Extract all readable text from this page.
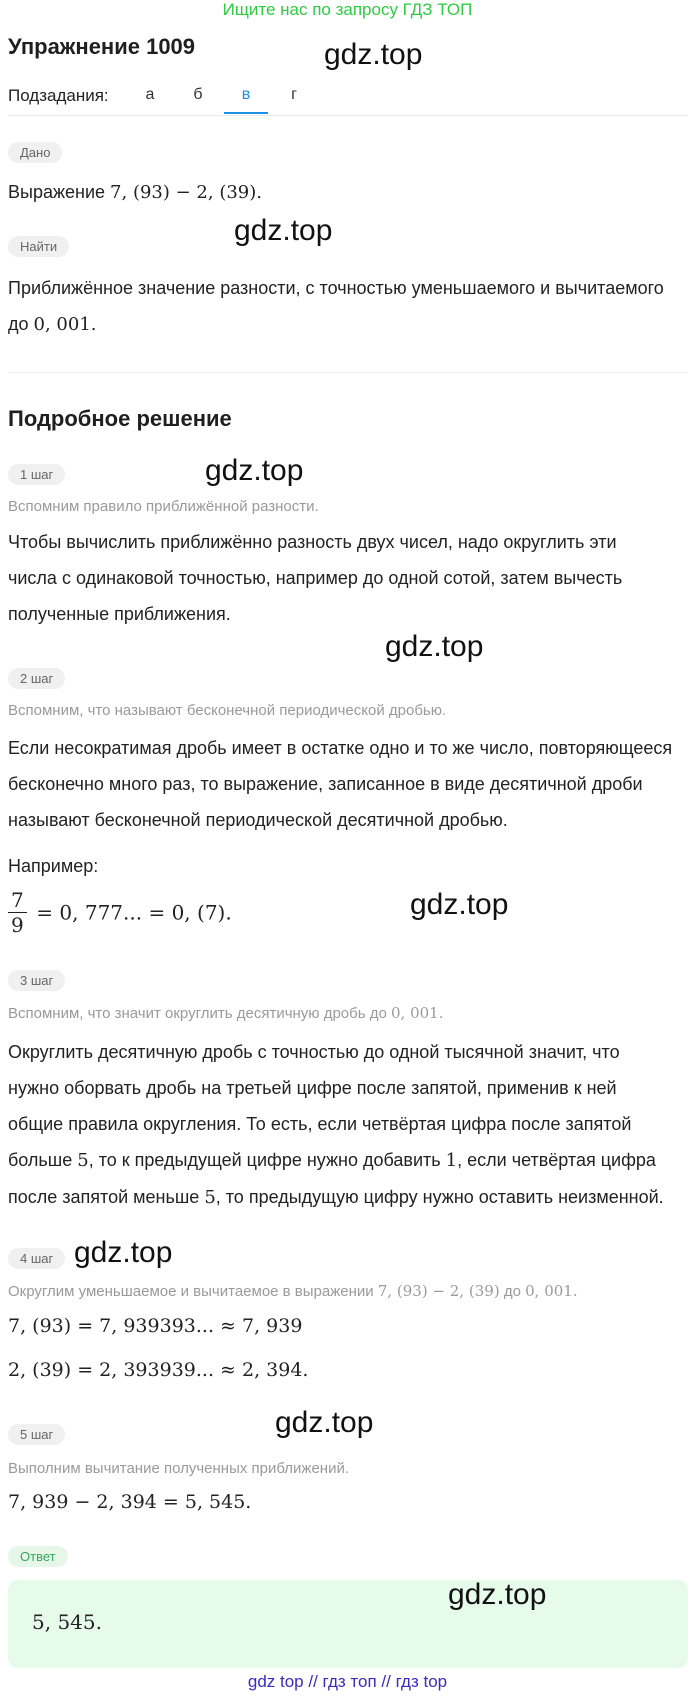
Ищите нас по запросу ГДЗ ТОП
Упражнение 1009	gdz.top
Подзадания:	а	б	в	г
Дано
Выражение 7, (93) − 2, (39).
gdz.top
Найти
Приближённое значение разности, с точностью уменьшаемого и вычитаемого
до 0, 001.
Подробное решение
1 шаг	gdz.top
Вспомним правило приближённой разности.
Чтобы вычислить приближённо разность двух чисел, надо округлить эти
числа с одинаковой точностью, например до одной сотой, затем вычесть
полученные приближения.
gdz.top
2 шаг
Вспомним, что называют бесконечной периодической дробью.
Если несократимая дробь имеет в остатке одно и то же число, повторяющееся
бесконечно много раз, то выражение, записанное в виде десятичной дроби
называют бесконечной периодической десятичной дробью.
Например:
$\frac{7}{9} = 0$, 777... = 0, (7).	gdz.top
3 шаг
Вспомним, что значит округлить десятичную дробь до 0, 001.
Округлить десятичную дробь с точностью до одной тысячной значит, что
нужно оборвать дробь на третьей цифре после запятой, применив к ней
общие правила округления. То есть, если четвёртая цифра после запятой
больше 5, то к предыдущей цифре нужно добавить 1, если четвёртая цифра
после запятой меньше 5, то предыдущую цифру нужно оставить неизменной.
4 шаг gdz.top
Округлим уменьшаемое и вычитаемое в выражении 7, (93) − 2, (39) до 0, 001.
7, (93) = 7, 939393... ≈ 7, 939
2, (39) = 2, 393939... ≈ 2, 394.
gdz.top
5 шаг
Выполним вычитание полученных приближений.
7, 939 − 2, 394 = 5, 545.
Ответ
5, 545.
gdz.top
gdz top // гдз топ // гдз top
